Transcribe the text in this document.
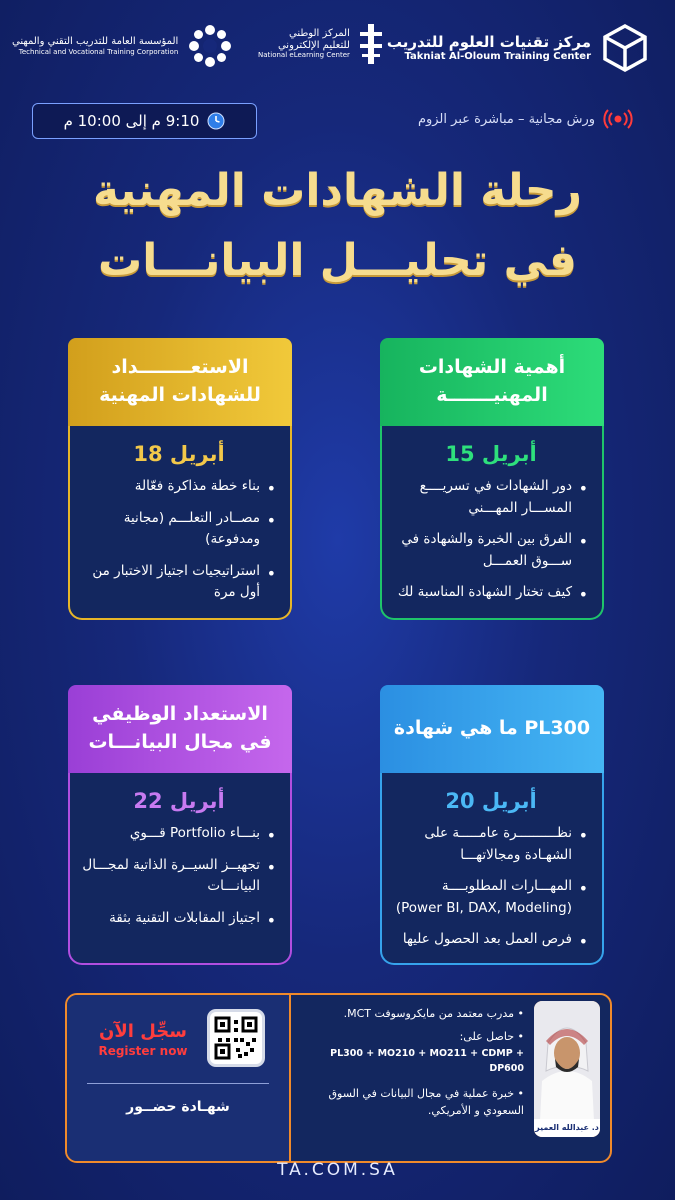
مركز تقنيات العلوم للتدريب
Takniat Al-Oloum Training Center
المركز الوطني
للتعليم الإلكتروني
National eLearning Center
المؤسسة العامة للتدريب التقني والمهني
Technical and Vocational Training Corporation
9:10 م إلى 10:00 م	ورش مجانية – مباشرة عبر الزوم
رحلة الشهادات المهنية
في تحليـــل البيانـــات
أهمية الشهادات المهنيـــــــة
15 أبريل
• دور الشهادات في تسريــــع المســـار المهـــني
• الفرق بين الخبرة والشهادة في ســـوق العمـــل
• كيف تختار الشهادة المناسبة لك
الاستعــــــــداد للشهادات المهنية
18 أبريل
• بناء خطة مذاكرة فعّالة
• مصــادر التعلـــم (مجانية ومدفوعة)
• استراتيجيات اجتياز الاختبار من أول مرة
ما هي شهادة PL300
20 أبريل
• نظــــــــــرة عامـــــة على الشهـادة ومجالاتهـــا
• المهـــارات المطلوبــــة (Power BI, DAX, Modeling)
• فرص العمل بعد الحصول عليها
الاستعداد الوظيفي في مجال البيانـــات
22 أبريل
• بنـــاء Portfolio قـــوي
• تجهيــز السيــرة الذاتية لمجـــال البيانـــات
• اجتياز المقابلات التقنية بثقة
سجِّل الآن
Register now
شهـادة حضــور
• مدرب معتمد من مايكروسوفت MCT.
• حاصل على:
PL300 + MO210 + MO211 + CDMP + DP600
• خبرة عملية في مجال البيانات في السوق السعودي و الأمريكي.
د. عبدالله العمير
TA.COM.SA
